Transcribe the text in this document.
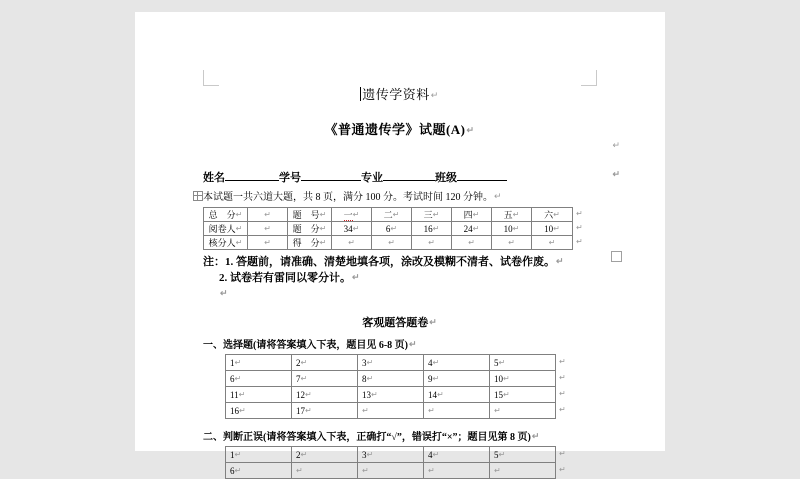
遗传学资料↵
《普通遗传学》试题(A)↵
↵
姓名	学号	专业	班级	↵
本试题一共六道大题，共 8 页，满分 100 分。考试时间 120 分钟。↵
总　分↵	↵	题　号↵	一↵	二↵	三↵	四↵	五↵	六↵
阅卷人↵	↵	题　分↵	34↵	6↵	16↵	24↵	10↵	10↵
核分人↵	↵	得　分↵	↵	↵	↵	↵	↵	↵
↵
↵
↵
注：1. 答题前，请准确、清楚地填各项，涂改及模糊不清者、试卷作废。↵
2. 试卷若有雷同以零分计。↵
↵
客观题答题卷↵
一、选择题(请将答案填入下表，题目见 6-8 页)↵
1↵	2↵	3↵	4↵	5↵
6↵	7↵	8↵	9↵	10↵
11↵	12↵	13↵	14↵	15↵
16↵	17↵	↵	↵	↵
↵
↵
↵
↵
二、判断正误(请将答案填入下表，正确打“√”，错误打“×”；题目见第 8 页)↵
1↵	2↵	3↵	4↵	5↵
6↵	↵	↵	↵	↵
↵
↵
